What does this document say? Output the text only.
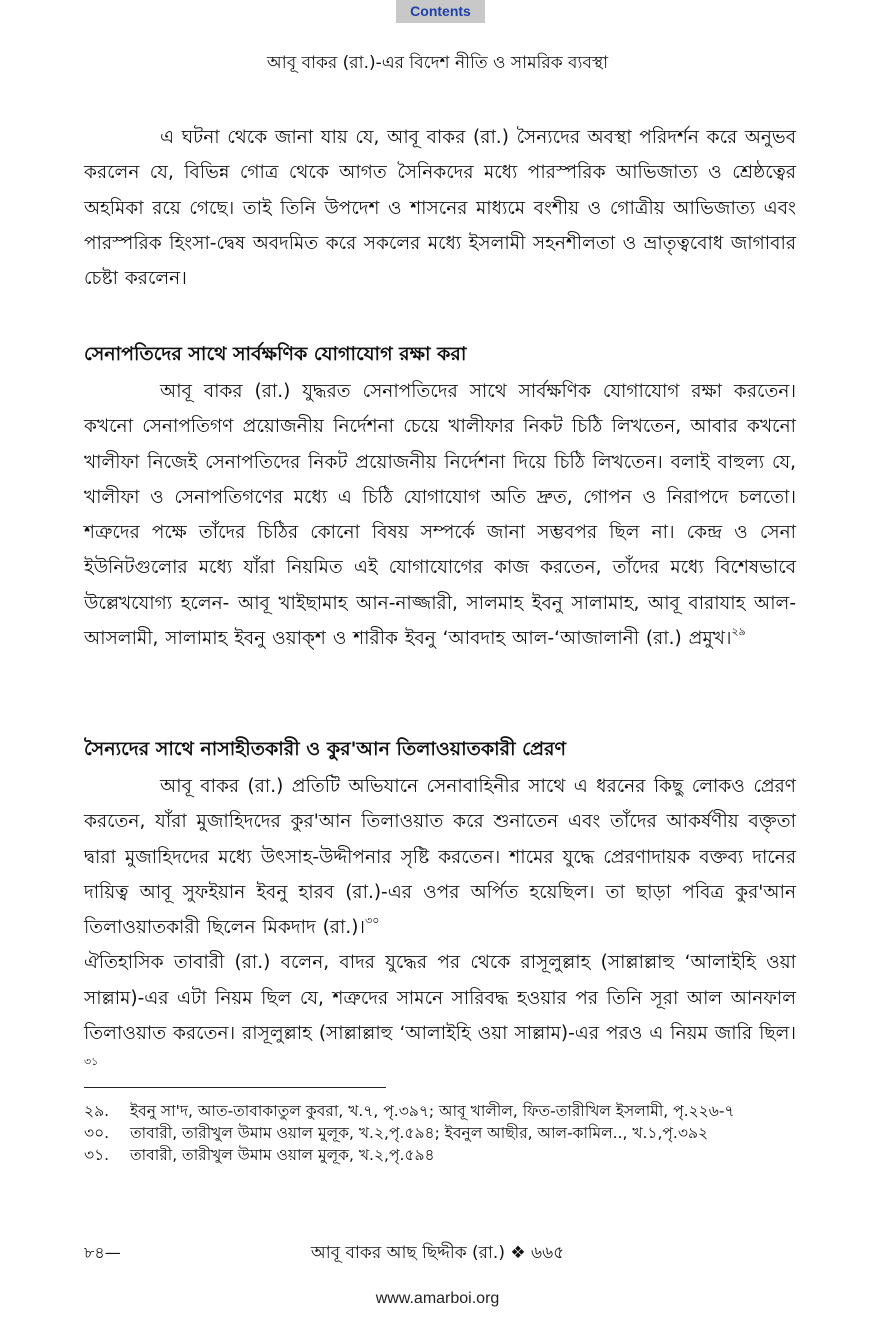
Contents
আবূ বাকর (রা.)-এর বিদেশ নীতি ও সামরিক ব্যবস্থা

এ ঘটনা থেকে জানা যায় যে, আবূ বাকর (রা.) সৈন্যদের অবস্থা পরিদর্শন করে অনুভব করলেন যে, বিভিন্ন গোত্র থেকে আগত সৈনিকদের মধ্যে পারস্পরিক আভিজাত্য ও শ্রেষ্ঠত্বের অহমিকা রয়ে গেছে। তাই তিনি উপদেশ ও শাসনের মাধ্যমে বংশীয় ও গোত্রীয় আভিজাত্য এবং পারস্পরিক হিংসা-দ্বেষ অবদমিত করে সকলের মধ্যে ইসলামী সহনশীলতা ও ভ্রাতৃত্ববোধ জাগাবার চেষ্টা করলেন।

সেনাপতিদের সাথে সার্বক্ষণিক যোগাযোগ রক্ষা করা

আবূ বাকর (রা.) যুদ্ধরত সেনাপতিদের সাথে সার্বক্ষণিক যোগাযোগ রক্ষা করতেন। কখনো সেনাপতিগণ প্রয়োজনীয় নির্দেশনা চেয়ে খালীফার নিকট চিঠি লিখতেন, আবার কখনো খালীফা নিজেই সেনাপতিদের নিকট প্রয়োজনীয় নির্দেশনা দিয়ে চিঠি লিখতেন। বলাই বাহুল্য যে, খালীফা ও সেনাপতিগণের মধ্যে এ চিঠি যোগাযোগ অতি দ্রুত, গোপন ও নিরাপদে চলতো। শত্রুদের পক্ষে তাঁদের চিঠির কোনো বিষয় সম্পর্কে জানা সম্ভবপর ছিল না। কেন্দ্র ও সেনা ইউনিটগুলোর মধ্যে যাঁরা নিয়মিত এই যোগাযোগের কাজ করতেন, তাঁদের মধ্যে বিশেষভাবে উল্লেখযোগ্য হলেন- আবূ খাইছামাহ আন-নাজ্জারী, সালমাহ ইবনু সালামাহ, আবূ বারাযাহ আল-আসলামী, সালামাহ ইবনু ওয়াক্‌শ ও শারীক ইবনু ‘আবদাহ আল-‘আজালানী (রা.) প্রমুখ।$^{২৯}$

সৈন্যদের সাথে নাসাহীতকারী ও কুর'আন তিলাওয়াতকারী প্রেরণ

আবূ বাকর (রা.) প্রতিটি অভিযানে সেনাবাহিনীর সাথে এ ধরনের কিছু লোকও প্রেরণ করতেন, যাঁরা মুজাহিদদের কুর'আন তিলাওয়াত করে শুনাতেন এবং তাঁদের আকর্ষণীয় বক্তৃতা দ্বারা মুজাহিদদের মধ্যে উৎসাহ-উদ্দীপনার সৃষ্টি করতেন। শামের যুদ্ধে প্রেরণাদায়ক বক্তব্য দানের দায়িত্ব আবূ সুফইয়ান ইবনু হারব (রা.)-এর ওপর অর্পিত হয়েছিল। তা ছাড়া পবিত্র কুর'আন তিলাওয়াতকারী ছিলেন মিকদাদ (রা.)।$^{৩০}$
ঐতিহাসিক তাবারী (রা.) বলেন, বাদর যুদ্ধের পর থেকে রাসূলুল্লাহ (সাল্লাল্লাহু ‘আলাইহি ওয়া সাল্লাম)-এর এটা নিয়ম ছিল যে, শত্রুদের সামনে সারিবদ্ধ হওয়ার পর তিনি সূরা আল আনফাল তিলাওয়াত করতেন। রাসূলুল্লাহ (সাল্লাল্লাহু ‘আলাইহি ওয়া সাল্লাম)-এর পরও এ নিয়ম জারি ছিল।$^{৩১}$

২৯.	ইবনু সা'দ, আত-তাবাকাতুল কুবরা, খ.৭, পৃ.৩৯৭; আবূ খালীল, ফিত-তারীখিল ইসলামী, পৃ.২২৬-৭
৩০.	তাবারী, তারীখুল উমাম ওয়াল মুলূক, খ.২,পৃ.৫৯৪; ইবনুল আছীর, আল-কামিল.., খ.১,পৃ.৩৯২
৩১.	তাবারী, তারীখুল উমাম ওয়াল মুলূক, খ.২,পৃ.৫৯৪
৮৪—	আবূ বাকর আছ ছিদ্দীক (রা.) ❖ ৬৬৫
www.amarboi.org
